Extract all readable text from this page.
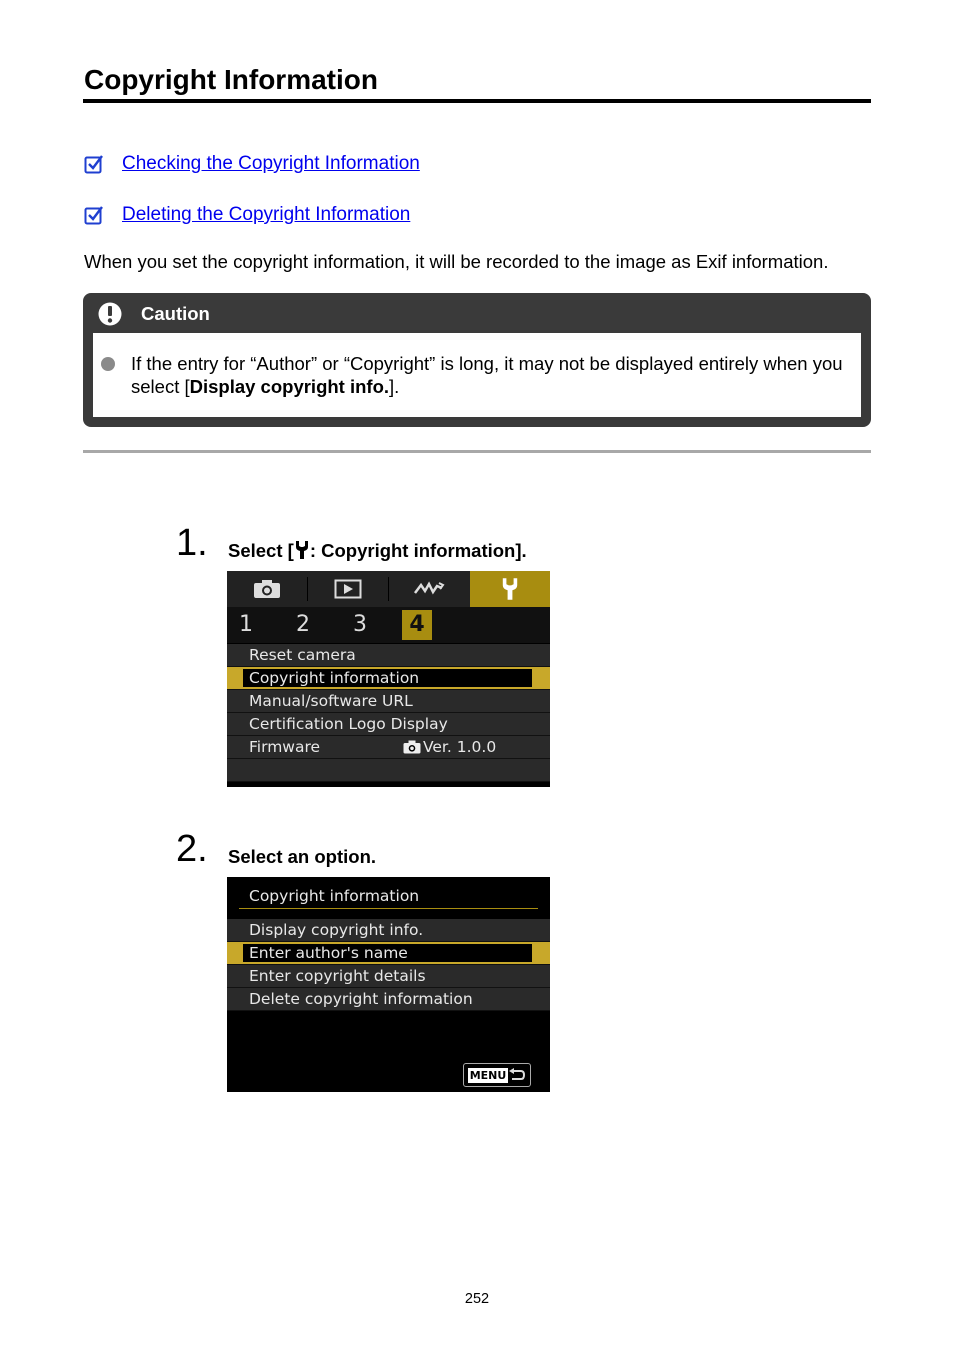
Copyright Information
Checking the Copyright Information
Deleting the Copyright Information

When you set the copyright information, it will be recorded to the image as Exif information.

Caution

If the entry for “Author” or “Copyright” is long, it may not be displayed entirely when you select [Display copyright info.].

1. Select [ : Copyright information].
1	2	3	4
Reset camera
Copyright information
Manual/software URL
Certification Logo Display
Firmware	Ver. 1.0.0
2. Select an option.
Copyright information
Display copyright info.
Enter author's name
Enter copyright details
Delete copyright information
MENU
252
